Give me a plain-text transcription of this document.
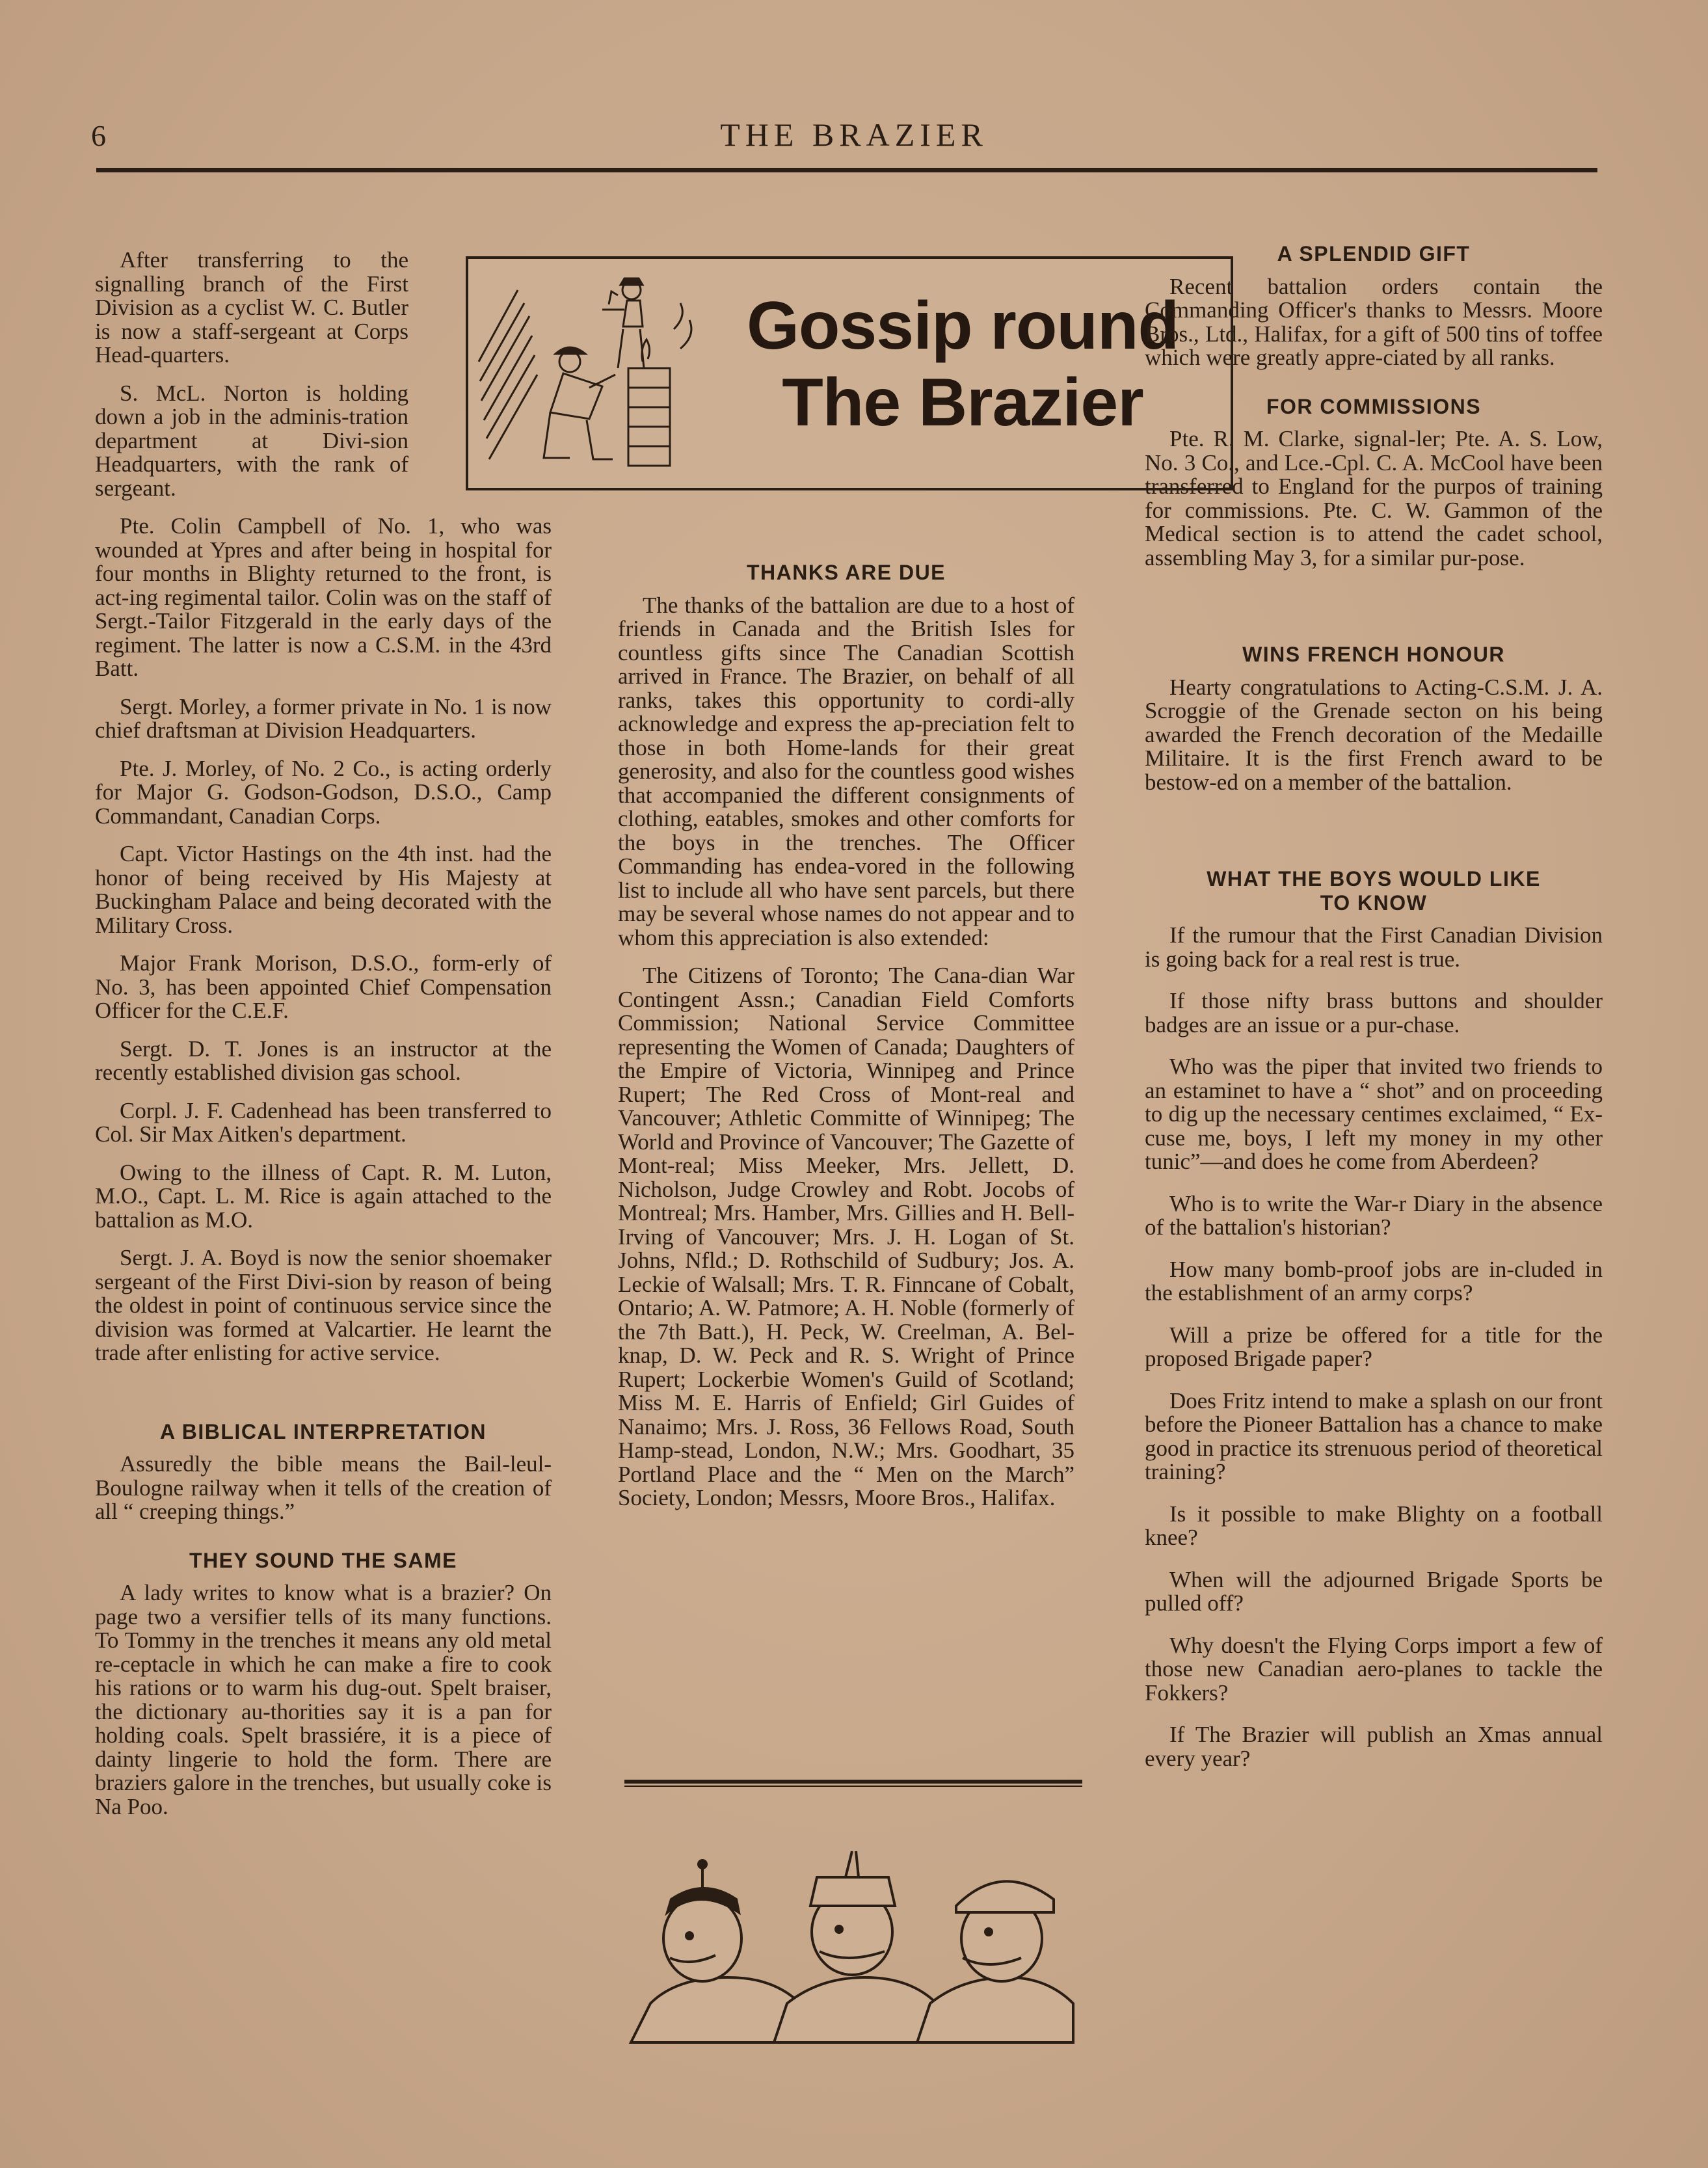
6	THE BRAZIER
Gossip round
The Brazier

After transferring to the signalling branch of the First Division as a cyclist W. C. Butler is now a staff-sergeant at Corps Head-quarters.

S. McL. Norton is holding down a job in the adminis-tration department at Divi-sion Headquarters, with the rank of sergeant.

Pte. Colin Campbell of No. 1, who was wounded at Ypres and after being in hospital for four months in Blighty returned to the front, is act-ing regimental tailor. Colin was on the staff of Sergt.-Tailor Fitzgerald in the early days of the regiment. The latter is now a C.S.M. in the 43rd Batt.

Sergt. Morley, a former private in No. 1 is now chief draftsman at Division Headquarters.

Pte. J. Morley, of No. 2 Co., is acting orderly for Major G. Godson-Godson, D.S.O., Camp Commandant, Canadian Corps.

Capt. Victor Hastings on the 4th inst. had the honor of being received by His Majesty at Buckingham Palace and being decorated with the Military Cross.

Major Frank Morison, D.S.O., form-erly of No. 3, has been appointed Chief Compensation Officer for the C.E.F.

Sergt. D. T. Jones is an instructor at the recently established division gas school.

Corpl. J. F. Cadenhead has been transferred to Col. Sir Max Aitken's department.

Owing to the illness of Capt. R. M. Luton, M.O., Capt. L. M. Rice is again attached to the battalion as M.O.

Sergt. J. A. Boyd is now the senior shoemaker sergeant of the First Divi-sion by reason of being the oldest in point of continuous service since the division was formed at Valcartier. He learnt the trade after enlisting for active service.

A BIBLICAL INTERPRETATION

Assuredly the bible means the Bail-leul-Boulogne railway when it tells of the creation of all “ creeping things.”

THEY SOUND THE SAME

A lady writes to know what is a brazier? On page two a versifier tells of its many functions. To Tommy in the trenches it means any old metal re-ceptacle in which he can make a fire to cook his rations or to warm his dug-out. Spelt braiser, the dictionary au-thorities say it is a pan for holding coals. Spelt brassiére, it is a piece of dainty lingerie to hold the form. There are braziers galore in the trenches, but usually coke is Na Poo.

THANKS ARE DUE

The thanks of the battalion are due to a host of friends in Canada and the British Isles for countless gifts since The Canadian Scottish arrived in France. The Brazier, on behalf of all ranks, takes this opportunity to cordi-ally acknowledge and express the ap-preciation felt to those in both Home-lands for their great generosity, and also for the countless good wishes that accompanied the different consignments of clothing, eatables, smokes and other comforts for the boys in the trenches. The Officer Commanding has endea-vored in the following list to include all who have sent parcels, but there may be several whose names do not appear and to whom this appreciation is also extended:

The Citizens of Toronto; The Cana-dian War Contingent Assn.; Canadian Field Comforts Commission; National Service Committee representing the Women of Canada; Daughters of the Empire of Victoria, Winnipeg and Prince Rupert; The Red Cross of Mont-real and Vancouver; Athletic Committe of Winnipeg; The World and Province of Vancouver; The Gazette of Mont-real; Miss Meeker, Mrs. Jellett, D. Nicholson, Judge Crowley and Robt. Jocobs of Montreal; Mrs. Hamber, Mrs. Gillies and H. Bell-Irving of Vancouver; Mrs. J. H. Logan of St. Johns, Nfld.; D. Rothschild of Sudbury; Jos. A. Leckie of Walsall; Mrs. T. R. Finncane of Cobalt, Ontario; A. W. Patmore; A. H. Noble (formerly of the 7th Batt.), H. Peck, W. Creelman, A. Bel-knap, D. W. Peck and R. S. Wright of Prince Rupert; Lockerbie Women's Guild of Scotland; Miss M. E. Harris of Enfield; Girl Guides of Nanaimo; Mrs. J. Ross, 36 Fellows Road, South Hamp-stead, London, N.W.; Mrs. Goodhart, 35 Portland Place and the “ Men on the March” Society, London; Messrs, Moore Bros., Halifax.

A SPLENDID GIFT

Recent battalion orders contain the Commanding Officer's thanks to Messrs. Moore Bros., Ltd., Halifax, for a gift of 500 tins of toffee which were greatly appre-ciated by all ranks.

FOR COMMISSIONS

Pte. R. M. Clarke, signal-ler; Pte. A. S. Low, No. 3 Co., and Lce.-Cpl. C. A. McCool have been transferred to England for the purpos of training for commissions. Pte. C. W. Gammon of the Medical section is to attend the cadet school, assembling May 3, for a similar pur-pose.

WINS FRENCH HONOUR

Hearty congratulations to Acting-C.S.M. J. A. Scroggie of the Grenade secton on his being awarded the French decoration of the Medaille Militaire. It is the first French award to be bestow-ed on a member of the battalion.

WHAT THE BOYS WOULD LIKE
TO KNOW

If the rumour that the First Canadian Division is going back for a real rest is true.

If those nifty brass buttons and shoulder badges are an issue or a pur-chase.

Who was the piper that invited two friends to an estaminet to have a “ shot” and on proceeding to dig up the necessary centimes exclaimed, “ Ex-cuse me, boys, I left my money in my other tunic”—and does he come from Aberdeen?

Who is to write the War-r Diary in the absence of the battalion's historian?

How many bomb-proof jobs are in-cluded in the establishment of an army corps?

Will a prize be offered for a title for the proposed Brigade paper?

Does Fritz intend to make a splash on our front before the Pioneer Battalion has a chance to make good in practice its strenuous period of theoretical training?

Is it possible to make Blighty on a football knee?

When will the adjourned Brigade Sports be pulled off?

Why doesn't the Flying Corps import a few of those new Canadian aero-planes to tackle the Fokkers?

If The Brazier will publish an Xmas annual every year?
